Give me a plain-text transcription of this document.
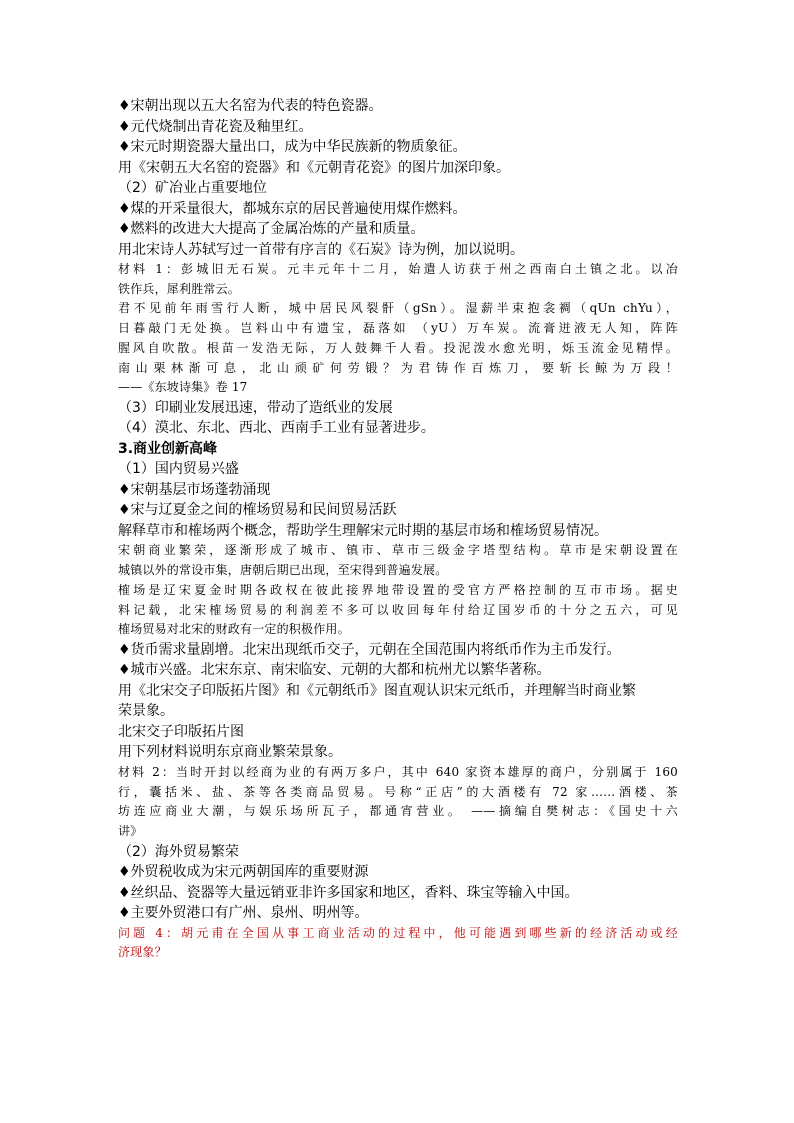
♦宋朝出现以五大名窑为代表的特色瓷器。
♦元代烧制出青花瓷及釉里红。
♦宋元时期瓷器大量出口，成为中华民族新的物质象征。
用《宋朝五大名窑的瓷器》和《元朝青花瓷》的图片加深印象。
（2）矿冶业占重要地位
♦煤的开采量很大，都城东京的居民普遍使用煤作燃料。
♦燃料的改进大大提高了金属冶炼的产量和质量。
用北宋诗人苏轼写过一首带有序言的《石炭》诗为例，加以说明。
材料 1：彭城旧无石炭。元丰元年十二月，始遣人访获于州之西南白土镇之北。以冶
铁作兵，犀利胜常云。
君不见前年雨雪行人断，城中居民风裂骭（gSn）。湿薪半束抱衾裯（qUn chYu），
日暮敲门无处换。岂料山中有遗宝，磊落如 （yU）万车炭。流膏迸液无人知，阵阵
腥风自吹散。根苗一发浩无际，万人鼓舞千人看。投泥泼水愈光明，烁玉流金见精悍。
南山栗林渐可息，北山顽矿何劳锻？为君铸作百炼刀，要斩长鲸为万段！
——《东坡诗集》卷 17
（3）印刷业发展迅速，带动了造纸业的发展
（4）漠北、东北、西北、西南手工业有显著进步。
3.商业创新高峰
（1）国内贸易兴盛
♦宋朝基层市场蓬勃涌现
♦宋与辽夏金之间的榷场贸易和民间贸易活跃
解释草市和榷场两个概念，帮助学生理解宋元时期的基层市场和榷场贸易情况。
宋朝商业繁荣，逐渐形成了城市、镇市、草市三级金字塔型结构。草市是宋朝设置在
城镇以外的常设市集，唐朝后期已出现，至宋得到普遍发展。
榷场是辽宋夏金时期各政权在彼此接界地带设置的受官方严格控制的互市市场。据史
料记载，北宋榷场贸易的利润差不多可以收回每年付给辽国岁币的十分之五六，可见
榷场贸易对北宋的财政有一定的积极作用。
♦货币需求量剧增。北宋出现纸币交子，元朝在全国范围内将纸币作为主币发行。
♦城市兴盛。北宋东京、南宋临安、元朝的大都和杭州尤以繁华著称。
用《北宋交子印版拓片图》和《元朝纸币》图直观认识宋元纸币，并理解当时商业繁
荣景象。
北宋交子印版拓片图
用下列材料说明东京商业繁荣景象。
材料 2：当时开封以经商为业的有两万多户，其中 640 家资本雄厚的商户，分别属于 160
行，囊括米、盐、茶等各类商品贸易。号称“正店”的大酒楼有 72 家……酒楼、茶
坊连应商业大潮，与娱乐场所瓦子，都通宵营业。 ——摘编自樊树志：《国史十六
讲》
（2）海外贸易繁荣
♦外贸税收成为宋元两朝国库的重要财源
♦丝织品、瓷器等大量远销亚非许多国家和地区，香料、珠宝等输入中国。
♦主要外贸港口有广州、泉州、明州等。
问题 4：胡元甫在全国从事工商业活动的过程中，他可能遇到哪些新的经济活动或经
济现象？
